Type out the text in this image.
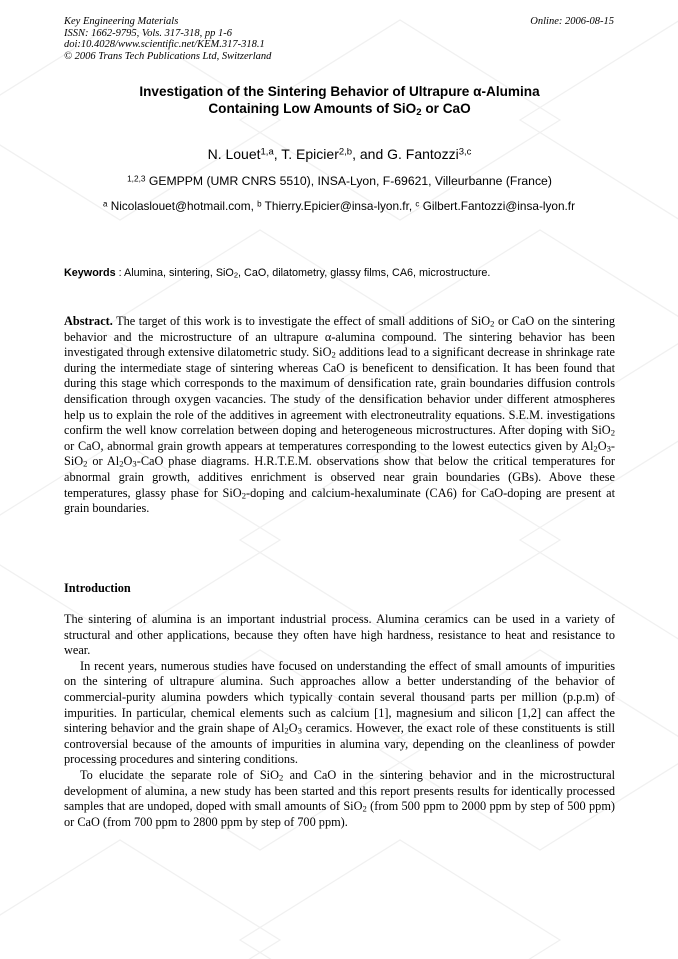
Key Engineering Materials
ISSN: 1662-9795, Vols. 317-318, pp 1-6
doi:10.4028/www.scientific.net/KEM.317-318.1
© 2006 Trans Tech Publications Ltd, Switzerland
Online: 2006-08-15
Investigation of the Sintering Behavior of Ultrapure α-Alumina
Containing Low Amounts of SiO$_2$ or CaO
N. Louet$^{1,a}$, T. Epicier$^{2,b}$, and G. Fantozzi$^{3,c}$
$^{1,2,3}$ GEMPPM (UMR CNRS 5510), INSA-Lyon, F-69621, Villeurbanne (France)
$^a$ Nicolaslouet@hotmail.com, $^b$ Thierry.Epicier@insa-lyon.fr, $^c$ Gilbert.Fantozzi@insa-lyon.fr
Keywords : Alumina, sintering, SiO$_2$, CaO, dilatometry, glassy films, CA6, microstructure.
Abstract. The target of this work is to investigate the effect of small additions of SiO$_2$ or CaO on the sintering behavior and the microstructure of an ultrapure α-alumina compound. The sintering behavior has been investigated through extensive dilatometric study. SiO$_2$ additions lead to a significant decrease in shrinkage rate during the intermediate stage of sintering whereas CaO is beneficent to densification. It has been found that during this stage which corresponds to the maximum of densification rate, grain boundaries diffusion controls densification through oxygen vacancies. The study of the densification behavior under different atmospheres help us to explain the role of the additives in agreement with electroneutrality equations. S.E.M. investigations confirm the well know correlation between doping and heterogeneous microstructures. After doping with SiO$_2$ or CaO, abnormal grain growth appears at temperatures corresponding to the lowest eutectics given by $Al_2O_3-SiO_2$ or $Al_2O_3$-CaO phase diagrams. H.R.T.E.M. observations show that below the critical temperatures for abnormal grain growth, additives enrichment is observed near grain boundaries (GBs). Above these temperatures, glassy phase for SiO$_2$-doping and calcium-hexaluminate (CA6) for CaO-doping are present at grain boundaries.
Introduction

The sintering of alumina is an important industrial process. Alumina ceramics can be used in a variety of structural and other applications, because they often have high hardness, resistance to heat and resistance to wear.

In recent years, numerous studies have focused on understanding the effect of small amounts of impurities on the sintering of ultrapure alumina. Such approaches allow a better understanding of the behavior of commercial-purity alumina powders which typically contain several thousand parts per million (p.p.m) of impurities. In particular, chemical elements such as calcium [1], magnesium and silicon [1,2] can affect the sintering behavior and the grain shape of $Al_2O_3$ ceramics. However, the exact role of these constituents is still controversial because of the amounts of impurities in alumina vary, depending on the cleanliness of powder processing procedures and sintering conditions.

To elucidate the separate role of SiO$_2$ and CaO in the sintering behavior and in the microstructural development of alumina, a new study has been started and this report presents results for identically processed samples that are undoped, doped with small amounts of SiO$_2$ (from 500 ppm to 2000 ppm by step of 500 ppm) or CaO (from 700 ppm to 2800 ppm by step of 700 ppm).
